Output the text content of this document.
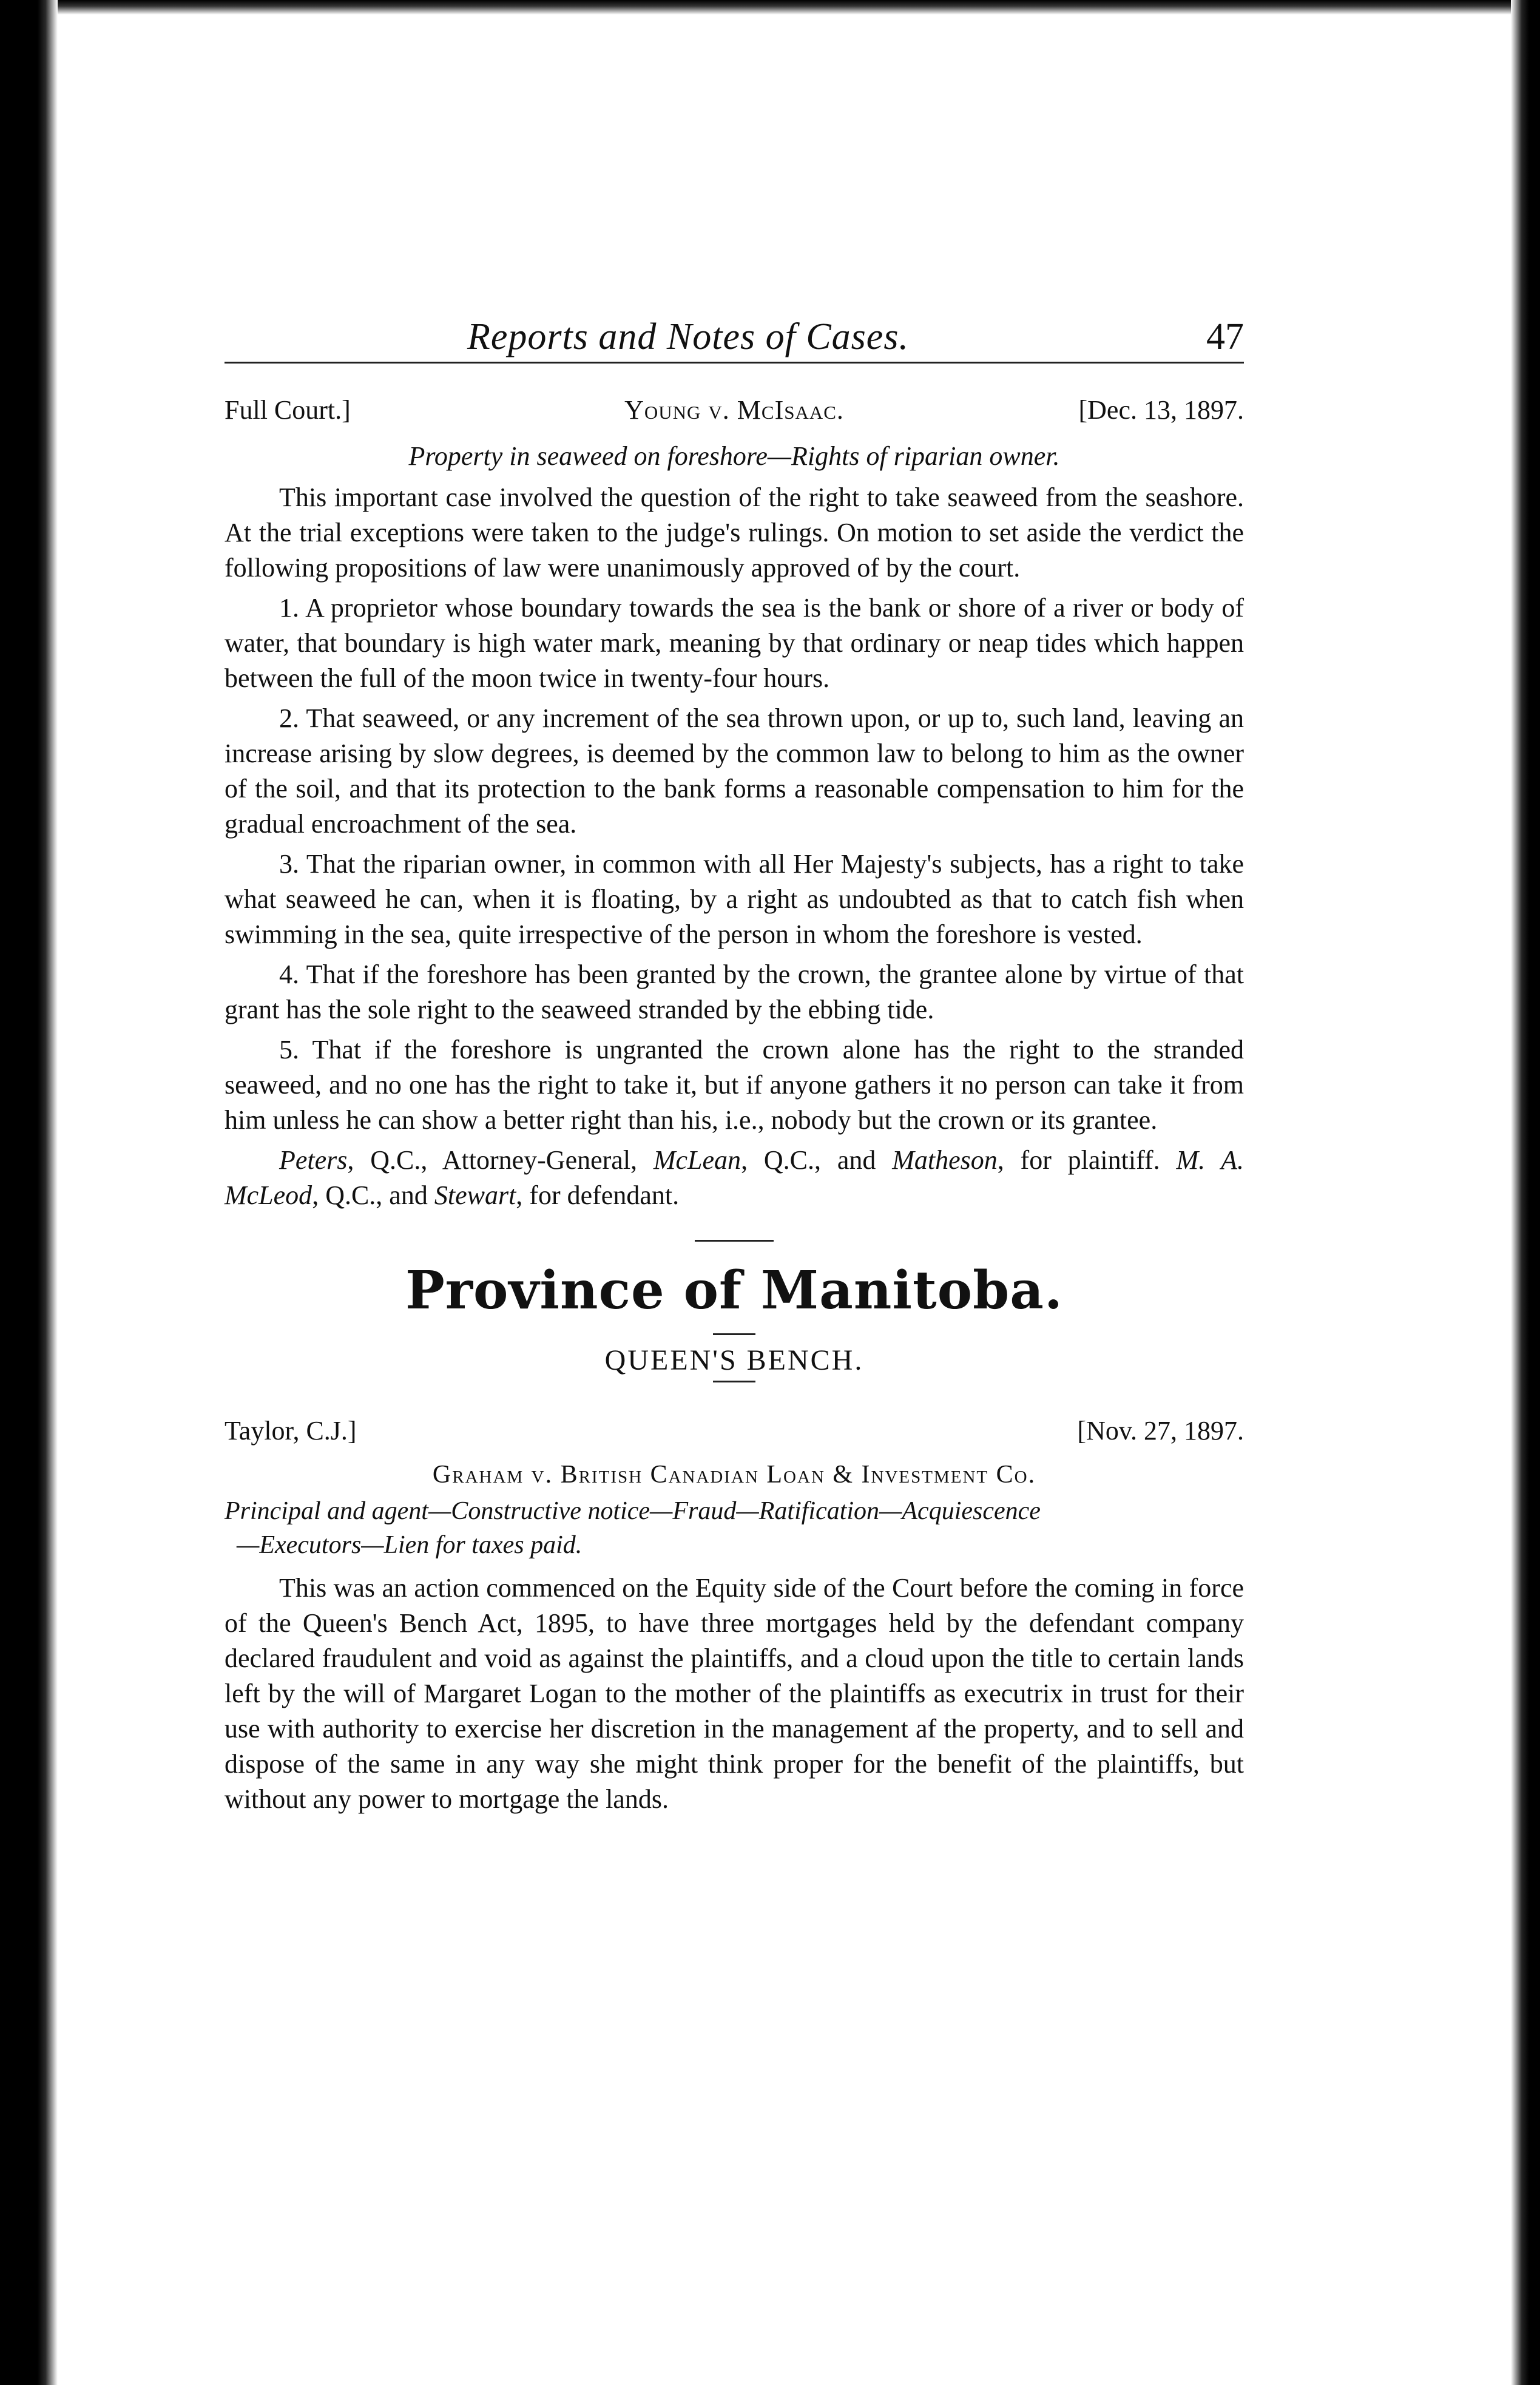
Reports and Notes of Cases.	47
Full Court.]	Young v. McIsaac.	[Dec. 13, 1897.
Property in seaweed on foreshore—Rights of riparian owner.

This important case involved the question of the right to take seaweed from the seashore. At the trial exceptions were taken to the judge's rulings. On motion to set aside the verdict the following propositions of law were unanimously approved of by the court.

1. A proprietor whose boundary towards the sea is the bank or shore of a river or body of water, that boundary is high water mark, meaning by that ordinary or neap tides which happen between the full of the moon twice in twenty-four hours.

2. That seaweed, or any increment of the sea thrown upon, or up to, such land, leaving an increase arising by slow degrees, is deemed by the common law to belong to him as the owner of the soil, and that its protection to the bank forms a reasonable compensation to him for the gradual encroachment of the sea.

3. That the riparian owner, in common with all Her Majesty's subjects, has a right to take what seaweed he can, when it is floating, by a right as undoubted as that to catch fish when swimming in the sea, quite irrespective of the person in whom the foreshore is vested.

4. That if the foreshore has been granted by the crown, the grantee alone by virtue of that grant has the sole right to the seaweed stranded by the ebbing tide.

5. That if the foreshore is ungranted the crown alone has the right to the stranded seaweed, and no one has the right to take it, but if anyone gathers it no person can take it from him unless he can show a better right than his, i.e., nobody but the crown or its grantee.

Peters, Q.C., Attorney-General, McLean, Q.C., and Matheson, for plaintiff. M. A. McLeod, Q.C., and Stewart, for defendant.

Province of Manitoba.
QUEEN'S BENCH.
Taylor, C.J.]	[Nov. 27, 1897.
Graham v. British Canadian Loan & Investment Co.
Principal and agent—Constructive notice—Fraud—Ratification—Acquiescence
—Executors—Lien for taxes paid.

This was an action commenced on the Equity side of the Court before the coming in force of the Queen's Bench Act, 1895, to have three mortgages held by the defendant company declared fraudulent and void as against the plaintiffs, and a cloud upon the title to certain lands left by the will of Margaret Logan to the mother of the plaintiffs as executrix in trust for their use with authority to exercise her discretion in the management af the property, and to sell and dispose of the same in any way she might think proper for the benefit of the plaintiffs, but without any power to mortgage the lands.
